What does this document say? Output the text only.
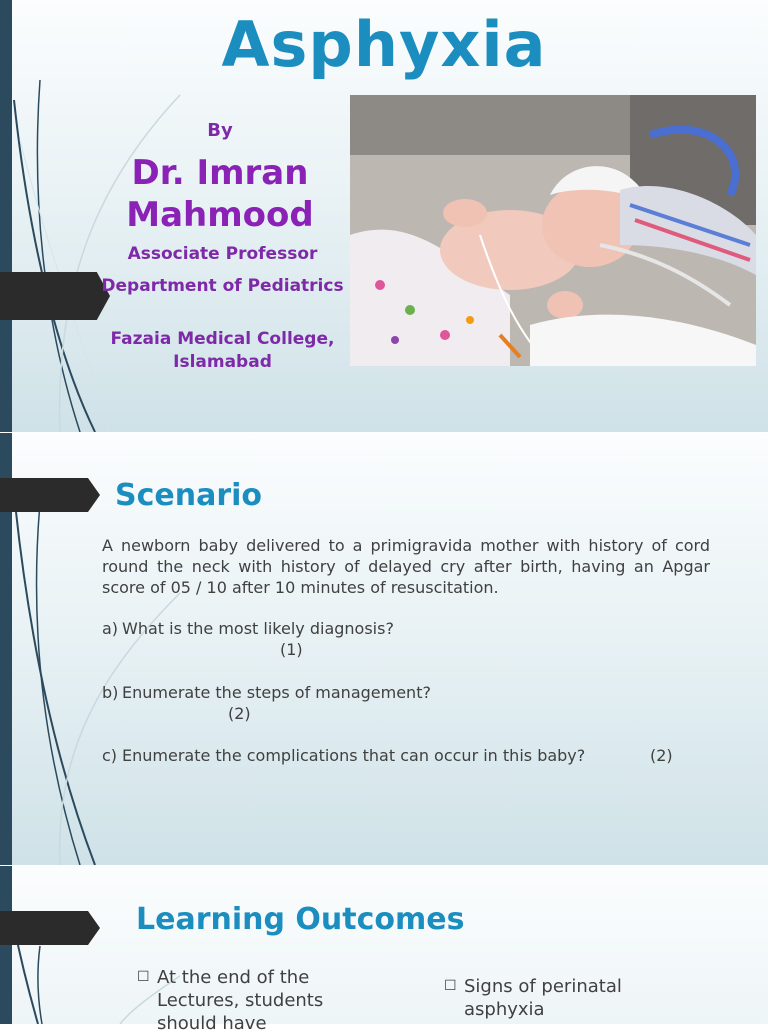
Asphyxia
By
Dr. Imran Mahmood
Associate Professor
Department of Pediatrics
Fazaia Medical College, Islamabad
Scenario

A newborn baby delivered to a primigravida mother with history of cord round the neck with history of delayed cry after birth, having an Apgar score of 05 / 10 after 10 minutes of resuscitation.

a) What is the most likely diagnosis?
(1)
b) Enumerate the steps of management?
(2)
c) Enumerate the complications that can occur in this baby?	(2)
Learning Outcomes
☐ At the end of the Lectures, students should have
☐ Signs of perinatal asphyxia
